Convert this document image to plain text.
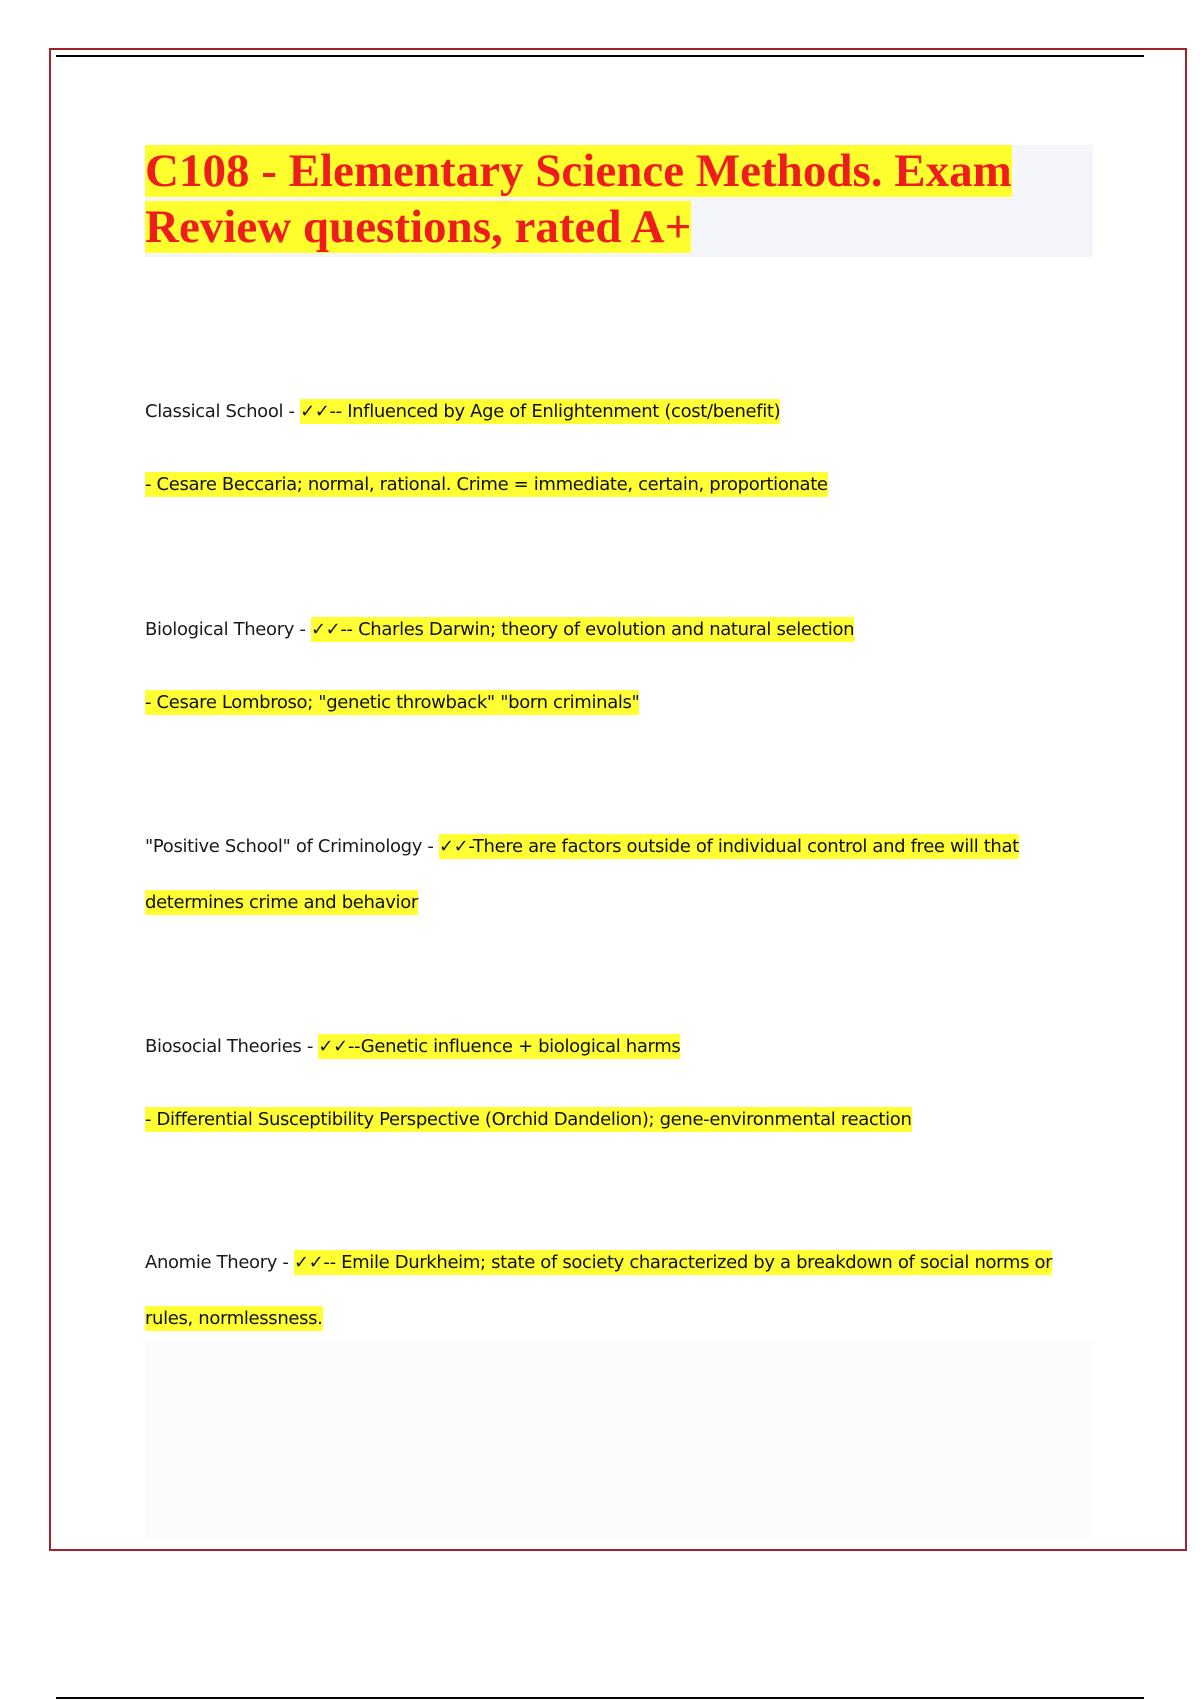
C108 - Elementary Science Methods. Exam
Review questions, rated A+
Classical School - ✓✓-- Influenced by Age of Enlightenment (cost/benefit)
- Cesare Beccaria; normal, rational. Crime = immediate, certain, proportionate
Biological Theory - ✓✓-- Charles Darwin; theory of evolution and natural selection
- Cesare Lombroso; "genetic throwback" "born criminals"
"Positive School" of Criminology - ✓✓-There are factors outside of individual control and free will that
determines crime and behavior
Biosocial Theories - ✓✓--Genetic influence + biological harms
- Differential Susceptibility Perspective (Orchid Dandelion); gene-environmental reaction
Anomie Theory - ✓✓-- Emile Durkheim; state of society characterized by a breakdown of social norms or
rules, normlessness.
